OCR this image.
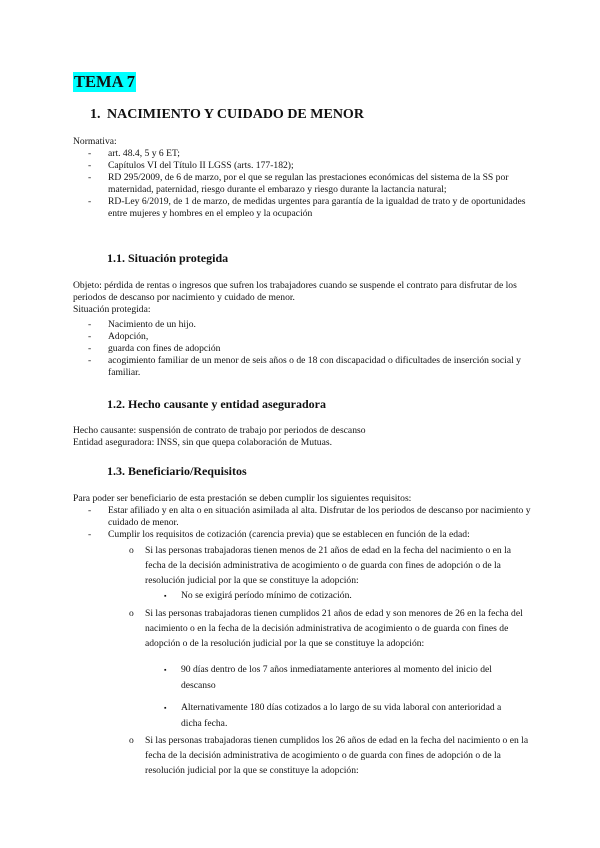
TEMA 7
1. NACIMIENTO Y CUIDADO DE MENOR

Normativa:

-	art. 48.4, 5 y 6 ET;
-	Capítulos VI del Título II LGSS (arts. 177-182);
-	RD 295/2009, de 6 de marzo, por el que se regulan las prestaciones económicas del sistema de la SS por maternidad, paternidad, riesgo durante el embarazo y riesgo durante la lactancia natural;
-	RD-Ley 6/2019, de 1 de marzo, de medidas urgentes para garantía de la igualdad de trato y de oportunidades entre mujeres y hombres en el empleo y la ocupación
1.1. Situación protegida

Objeto: pérdida de rentas o ingresos que sufren los trabajadores cuando se suspende el contrato para disfrutar de los periodos de descanso por nacimiento y cuidado de menor.

Situación protegida:

-	Nacimiento de un hijo.
-	Adopción,
-	guarda con fines de adopción
-	acogimiento familiar de un menor de seis años o de 18 con discapacidad o dificultades de inserción social y familiar.
1.2. Hecho causante y entidad aseguradora

Hecho causante: suspensión de contrato de trabajo por periodos de descanso

Entidad aseguradora: INSS, sin que quepa colaboración de Mutuas.

1.3. Beneficiario/Requisitos

Para poder ser beneficiario de esta prestación se deben cumplir los siguientes requisitos:

-	Estar afiliado y en alta o en situación asimilada al alta. Disfrutar de los periodos de descanso por nacimiento y cuidado de menor.
-	Cumplir los requisitos de cotización (carencia previa) que se establecen en función de la edad:
o Si las personas trabajadoras tienen menos de 21 años de edad en la fecha del nacimiento o en la fecha de la decisión administrativa de acogimiento o de guarda con fines de adopción o de la resolución judicial por la que se constituye la adopción:
▪ No se exigirá período mínimo de cotización.
o Si las personas trabajadoras tienen cumplidos 21 años de edad y son menores de 26 en la fecha del nacimiento o en la fecha de la decisión administrativa de acogimiento o de guarda con fines de adopción o de la resolución judicial por la que se constituye la adopción:
▪ 90 días dentro de los 7 años inmediatamente anteriores al momento del inicio del descanso
▪ Alternativamente 180 días cotizados a lo largo de su vida laboral con anterioridad a dicha fecha.
o Si las personas trabajadoras tienen cumplidos los 26 años de edad en la fecha del nacimiento o en la fecha de la decisión administrativa de acogimiento o de guarda con fines de adopción o de la resolución judicial por la que se constituye la adopción:
